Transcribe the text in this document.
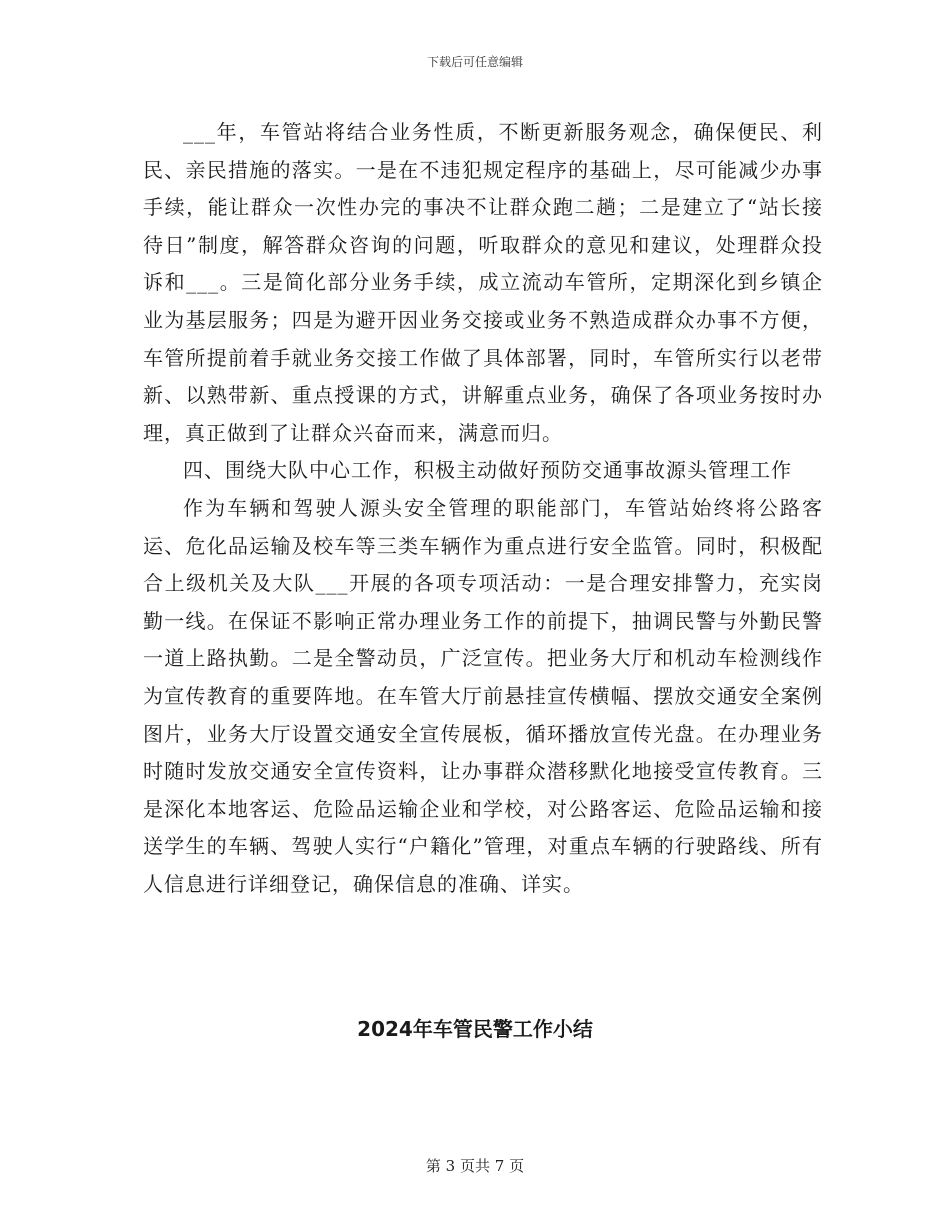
下载后可任意编辑

___年，车管站将结合业务性质，不断更新服务观念，确保便民、利民、亲民措施的落实。一是在不违犯规定程序的基础上，尽可能减少办事手续，能让群众一次性办完的事决不让群众跑二趟；二是建立了“站长接待日”制度，解答群众咨询的问题，听取群众的意见和建议，处理群众投诉和___。三是简化部分业务手续，成立流动车管所，定期深化到乡镇企业为基层服务；四是为避开因业务交接或业务不熟造成群众办事不方便，车管所提前着手就业务交接工作做了具体部署，同时，车管所实行以老带新、以熟带新、重点授课的方式，讲解重点业务，确保了各项业务按时办理，真正做到了让群众兴奋而来，满意而归。

四、围绕大队中心工作，积极主动做好预防交通事故源头管理工作

作为车辆和驾驶人源头安全管理的职能部门，车管站始终将公路客运、危化品运输及校车等三类车辆作为重点进行安全监管。同时，积极配合上级机关及大队___开展的各项专项活动：一是合理安排警力，充实岗勤一线。在保证不影响正常办理业务工作的前提下，抽调民警与外勤民警一道上路执勤。二是全警动员，广泛宣传。把业务大厅和机动车检测线作为宣传教育的重要阵地。在车管大厅前悬挂宣传横幅、摆放交通安全案例图片，业务大厅设置交通安全宣传展板，循环播放宣传光盘。在办理业务时随时发放交通安全宣传资料，让办事群众潜移默化地接受宣传教育。三是深化本地客运、危险品运输企业和学校，对公路客运、危险品运输和接送学生的车辆、驾驶人实行“户籍化”管理，对重点车辆的行驶路线、所有人信息进行详细登记，确保信息的准确、详实。

2024年车管民警工作小结
第 3 页共 7 页
